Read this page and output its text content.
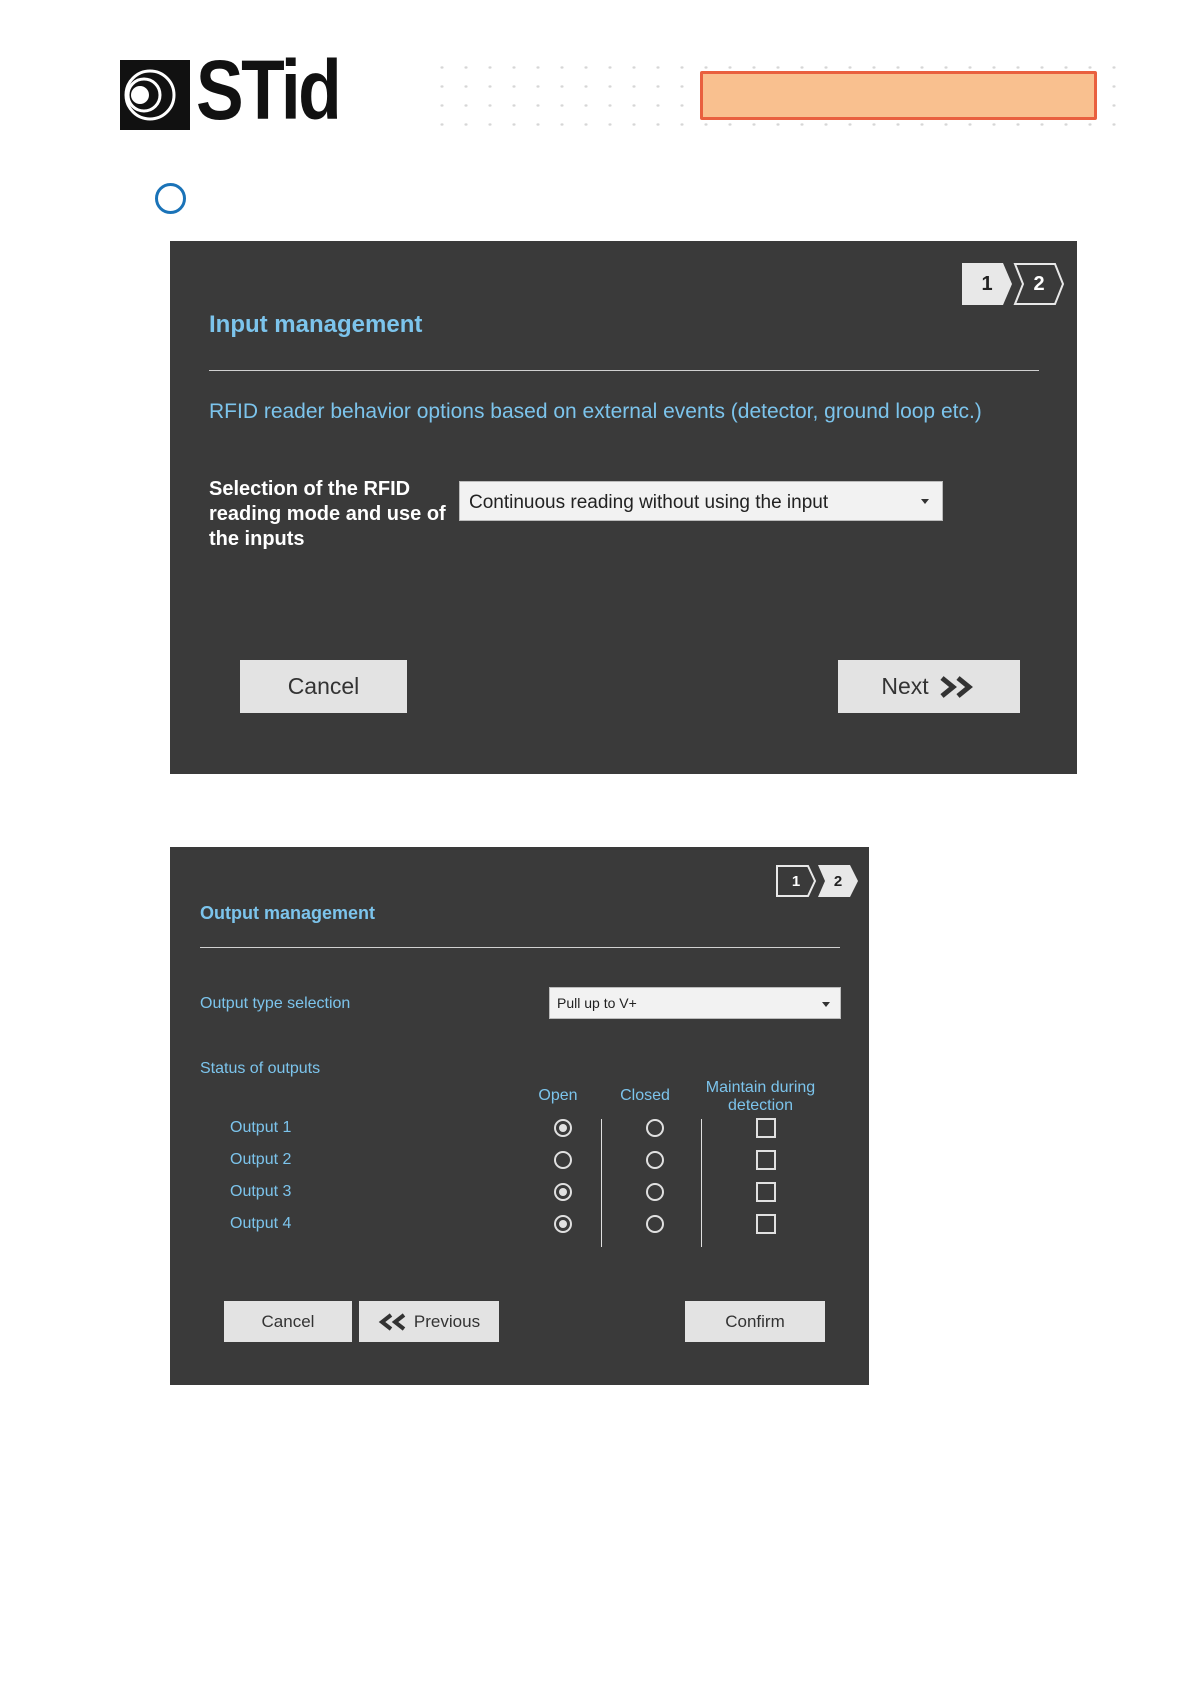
STid
1 2
Input management
RFID reader behavior options based on external events (detector, ground loop etc.)
Selection of the RFID reading mode and use of the inputs
Continuous reading without using the input
Cancel	Next
1 2
Output management
Output type selection	Pull up to V+
Status of outputs
Open	Closed	Maintain during detection
Output 1
Output 2
Output 3
Output 4
Cancel	Previous	Confirm
